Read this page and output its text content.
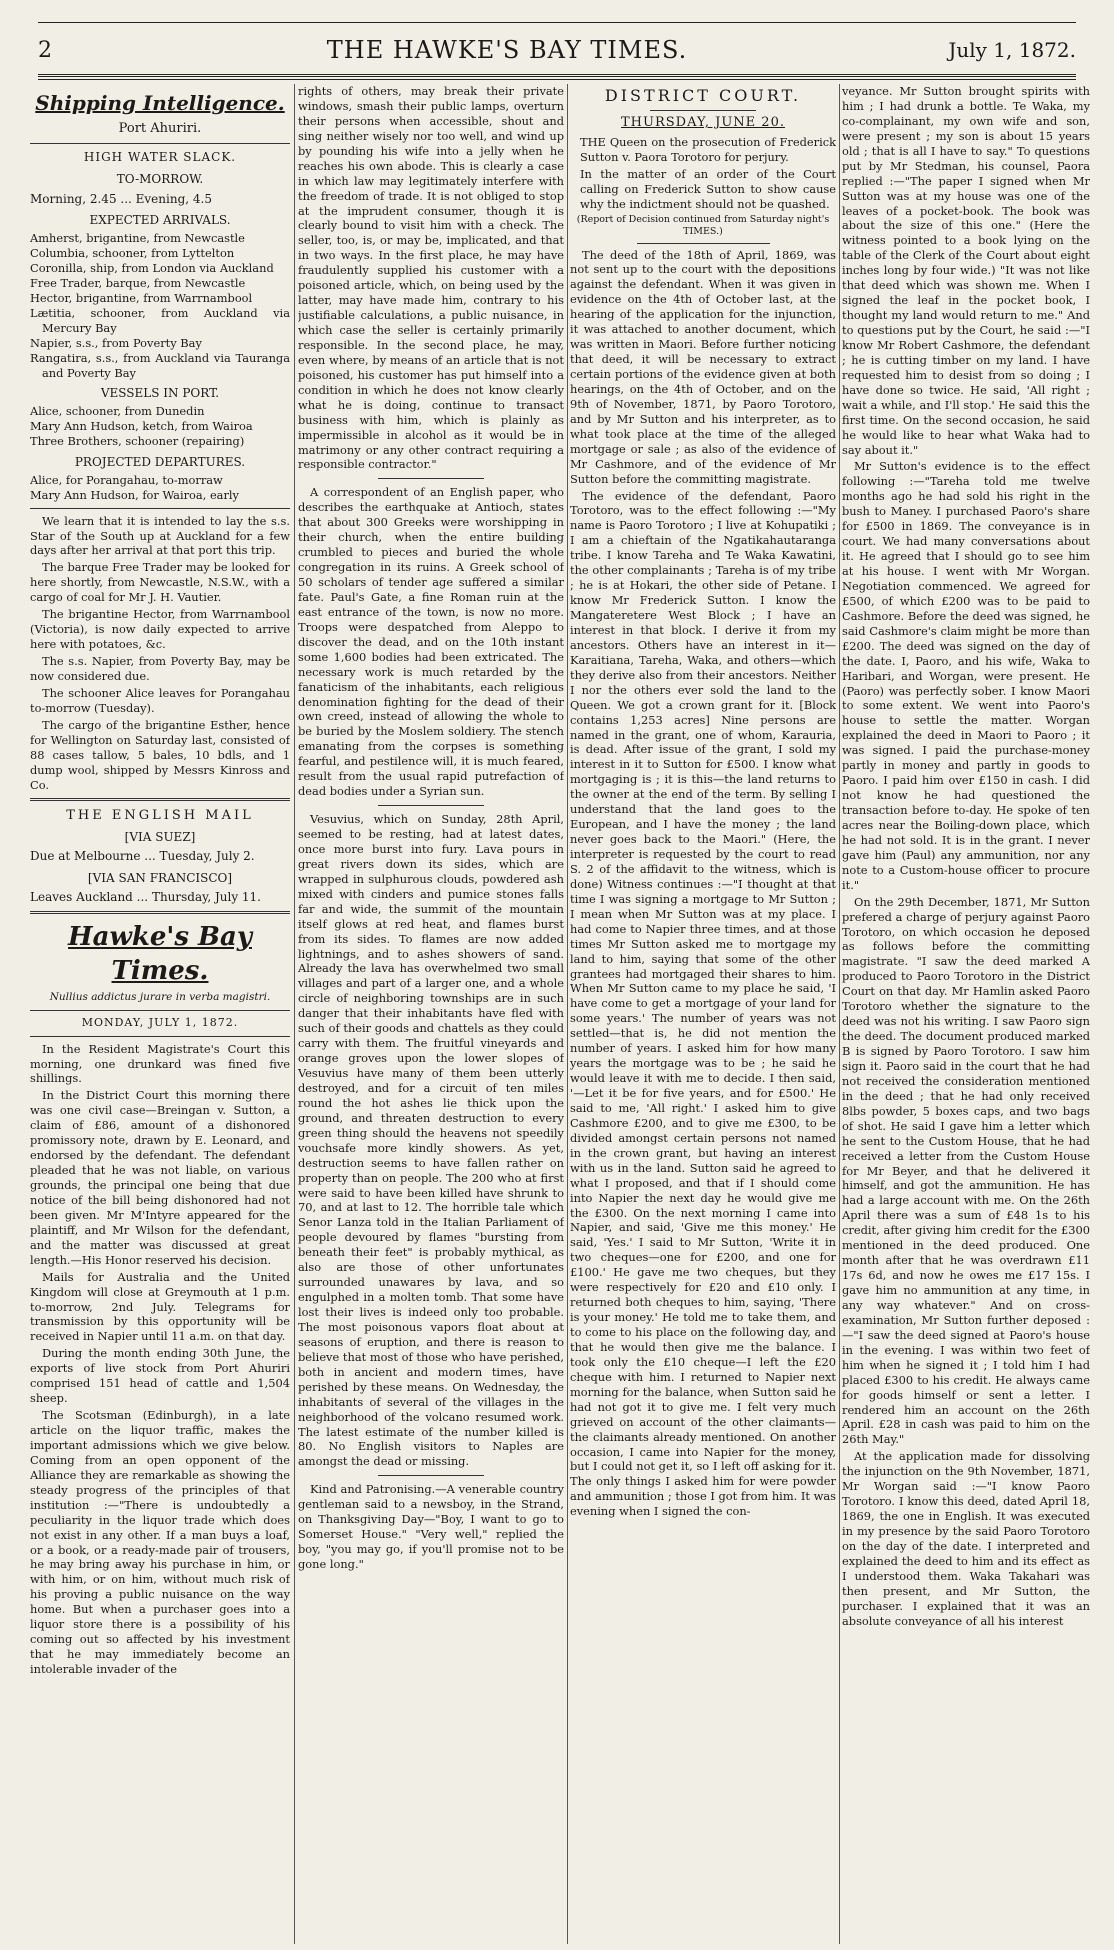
2	THE HAWKE'S BAY TIMES.	July 1, 1872.
Shipping Intelligence.
Port Ahuriri.
HIGH WATER SLACK.
TO-MORROW.
Morning, 2.45 ... Evening, 4.5
EXPECTED ARRIVALS.
Amherst, brigantine, from Newcastle
Columbia, schooner, from Lyttelton
Coronilla, ship, from London via Auckland
Free Trader, barque, from Newcastle
Hector, brigantine, from Warrnambool
Lætitia, schooner, from Auckland via Mercury Bay
Napier, s.s., from Poverty Bay
Rangatira, s.s., from Auckland via Tauranga and Poverty Bay
VESSELS IN PORT.
Alice, schooner, from Dunedin
Mary Ann Hudson, ketch, from Wairoa
Three Brothers, schooner (repairing)
PROJECTED DEPARTURES.
Alice, for Porangahau, to-morraw
Mary Ann Hudson, for Wairoa, early

We learn that it is intended to lay the s.s. Star of the South up at Auckland for a few days after her arrival at that port this trip.

The barque Free Trader may be looked for here shortly, from Newcastle, N.S.W., with a cargo of coal for Mr J. H. Vautier.

The brigantine Hector, from Warrnambool (Victoria), is now daily expected to arrive here with potatoes, &c.

The s.s. Napier, from Poverty Bay, may be now considered due.

The schooner Alice leaves for Porangahau to-morrow (Tuesday).

The cargo of the brigantine Esther, hence for Wellington on Saturday last, consisted of 88 cases tallow, 5 bales, 10 bdls, and 1 dump wool, shipped by Messrs Kinross and Co.

THE ENGLISH MAIL
[VIA SUEZ]
Due at Melbourne ... Tuesday, July 2.
[VIA SAN FRANCISCO]
Leaves Auckland ... Thursday, July 11.
Hawke's Bay Times.
Nullius addictus jurare in verba magistri.
MONDAY, JULY 1, 1872.

In the Resident Magistrate's Court this morning, one drunkard was fined five shillings.

In the District Court this morning there was one civil case—Breingan v. Sutton, a claim of £86, amount of a dishonored promissory note, drawn by E. Leonard, and endorsed by the defendant. The defendant pleaded that he was not liable, on various grounds, the principal one being that due notice of the bill being dishonored had not been given. Mr M'Intyre appeared for the plaintiff, and Mr Wilson for the defendant, and the matter was discussed at great length.—His Honor reserved his decision.

Mails for Australia and the United Kingdom will close at Greymouth at 1 p.m. to-morrow, 2nd July. Telegrams for transmission by this opportunity will be received in Napier until 11 a.m. on that day.

During the month ending 30th June, the exports of live stock from Port Ahuriri comprised 151 head of cattle and 1,504 sheep.

The Scotsman (Edinburgh), in a late article on the liquor traffic, makes the important admissions which we give below. Coming from an open opponent of the Alliance they are remarkable as showing the steady progress of the principles of that institution :—"There is undoubtedly a peculiarity in the liquor trade which does not exist in any other. If a man buys a loaf, or a book, or a ready-made pair of trousers, he may bring away his purchase in him, or with him, or on him, without much risk of his proving a public nuisance on the way home. But when a purchaser goes into a liquor store there is a possibility of his coming out so affected by his investment that he may immediately become an intolerable invader of the

rights of others, may break their private windows, smash their public lamps, overturn their persons when accessible, shout and sing neither wisely nor too well, and wind up by pounding his wife into a jelly when he reaches his own abode. This is clearly a case in which law may legitimately interfere with the freedom of trade. It is not obliged to stop at the imprudent consumer, though it is clearly bound to visit him with a check. The seller, too, is, or may be, implicated, and that in two ways. In the first place, he may have fraudulently supplied his customer with a poisoned article, which, on being used by the latter, may have made him, contrary to his justifiable calculations, a public nuisance, in which case the seller is certainly primarily responsible. In the second place, he may, even where, by means of an article that is not poisoned, his customer has put himself into a condition in which he does not know clearly what he is doing, continue to transact business with him, which is plainly as impermissible in alcohol as it would be in matrimony or any other contract requiring a responsible contractor."

A correspondent of an English paper, who describes the earthquake at Antioch, states that about 300 Greeks were worshipping in their church, when the entire building crumbled to pieces and buried the whole congregation in its ruins. A Greek school of 50 scholars of tender age suffered a similar fate. Paul's Gate, a fine Roman ruin at the east entrance of the town, is now no more. Troops were despatched from Aleppo to discover the dead, and on the 10th instant some 1,600 bodies had been extricated. The necessary work is much retarded by the fanaticism of the inhabitants, each religious denomination fighting for the dead of their own creed, instead of allowing the whole to be buried by the Moslem soldiery. The stench emanating from the corpses is something fearful, and pestilence will, it is much feared, result from the usual rapid putrefaction of dead bodies under a Syrian sun.

Vesuvius, which on Sunday, 28th April, seemed to be resting, had at latest dates, once more burst into fury. Lava pours in great rivers down its sides, which are wrapped in sulphurous clouds, powdered ash mixed with cinders and pumice stones falls far and wide, the summit of the mountain itself glows at red heat, and flames burst from its sides. To flames are now added lightnings, and to ashes showers of sand. Already the lava has overwhelmed two small villages and part of a larger one, and a whole circle of neighboring townships are in such danger that their inhabitants have fled with such of their goods and chattels as they could carry with them. The fruitful vineyards and orange groves upon the lower slopes of Vesuvius have many of them been utterly destroyed, and for a circuit of ten miles round the hot ashes lie thick upon the ground, and threaten destruction to every green thing should the heavens not speedily vouchsafe more kindly showers. As yet, destruction seems to have fallen rather on property than on people. The 200 who at first were said to have been killed have shrunk to 70, and at last to 12. The horrible tale which Senor Lanza told in the Italian Parliament of people devoured by flames "bursting from beneath their feet" is probably mythical, as also are those of other unfortunates surrounded unawares by lava, and so engulphed in a molten tomb. That some have lost their lives is indeed only too probable. The most poisonous vapors float about at seasons of eruption, and there is reason to believe that most of those who have perished, both in ancient and modern times, have perished by these means. On Wednesday, the inhabitants of several of the villages in the neighborhood of the volcano resumed work. The latest estimate of the number killed is 80. No English visitors to Naples are amongst the dead or missing.

Kind and Patronising.—A venerable country gentleman said to a newsboy, in the Strand, on Thanksgiving Day—"Boy, I want to go to Somerset House." "Very well," replied the boy, "you may go, if you'll promise not to be gone long."

DISTRICT COURT.
THURSDAY, JUNE 20.

THE Queen on the prosecution of Frederick Sutton v. Paora Torotoro for perjury.

In the matter of an order of the Court calling on Frederick Sutton to show cause why the indictment should not be quashed.

(Report of Decision continued from Saturday night's TIMES.)

The deed of the 18th of April, 1869, was not sent up to the court with the depositions against the defendant. When it was given in evidence on the 4th of October last, at the hearing of the application for the injunction, it was attached to another document, which was written in Maori. Before further noticing that deed, it will be necessary to extract certain portions of the evidence given at both hearings, on the 4th of October, and on the 9th of November, 1871, by Paoro Torotoro, and by Mr Sutton and his interpreter, as to what took place at the time of the alleged mortgage or sale ; as also of the evidence of Mr Cashmore, and of the evidence of Mr Sutton before the committing magistrate.

The evidence of the defendant, Paoro Torotoro, was to the effect following :—"My name is Paoro Torotoro ; I live at Kohupatiki ; I am a chieftain of the Ngatikahautaranga tribe. I know Tareha and Te Waka Kawatini, the other complainants ; Tareha is of my tribe ; he is at Hokari, the other side of Petane. I know Mr Frederick Sutton. I know the Mangateretere West Block ; I have an interest in that block. I derive it from my ancestors. Others have an interest in it—Karaitiana, Tareha, Waka, and others—which they derive also from their ancestors. Neither I nor the others ever sold the land to the Queen. We got a crown grant for it. [Block contains 1,253 acres] Nine persons are named in the grant, one of whom, Karauria, is dead. After issue of the grant, I sold my interest in it to Sutton for £500. I know what mortgaging is ; it is this—the land returns to the owner at the end of the term. By selling I understand that the land goes to the European, and I have the money ; the land never goes back to the Maori." (Here, the interpreter is requested by the court to read S. 2 of the affidavit to the witness, which is done) Witness continues :—"I thought at that time I was signing a mortgage to Mr Sutton ; I mean when Mr Sutton was at my place. I had come to Napier three times, and at those times Mr Sutton asked me to mortgage my land to him, saying that some of the other grantees had mortgaged their shares to him. When Mr Sutton came to my place he said, 'I have come to get a mortgage of your land for some years.' The number of years was not settled—that is, he did not mention the number of years. I asked him for how many years the mortgage was to be ; he said he would leave it with me to decide. I then said, '—Let it be for five years, and for £500.' He said to me, 'All right.' I asked him to give Cashmore £200, and to give me £300, to be divided amongst certain persons not named in the crown grant, but having an interest with us in the land. Sutton said he agreed to what I proposed, and that if I should come into Napier the next day he would give me the £300. On the next morning I came into Napier, and said, 'Give me this money.' He said, 'Yes.' I said to Mr Sutton, 'Write it in two cheques—one for £200, and one for £100.' He gave me two cheques, but they were respectively for £20 and £10 only. I returned both cheques to him, saying, 'There is your money.' He told me to take them, and to come to his place on the following day, and that he would then give me the balance. I took only the £10 cheque—I left the £20 cheque with him. I returned to Napier next morning for the balance, when Sutton said he had not got it to give me. I felt very much grieved on account of the other claimants—the claimants already mentioned. On another occasion, I came into Napier for the money, but I could not get it, so I left off asking for it. The only things I asked him for were powder and ammunition ; those I got from him. It was evening when I signed the con-

veyance. Mr Sutton brought spirits with him ; I had drunk a bottle. Te Waka, my co-complainant, my own wife and son, were present ; my son is about 15 years old ; that is all I have to say." To questions put by Mr Stedman, his counsel, Paora replied :—"The paper I signed when Mr Sutton was at my house was one of the leaves of a pocket-book. The book was about the size of this one." (Here the witness pointed to a book lying on the table of the Clerk of the Court about eight inches long by four wide.) "It was not like that deed which was shown me. When I signed the leaf in the pocket book, I thought my land would return to me." And to questions put by the Court, he said :—"I know Mr Robert Cashmore, the defendant ; he is cutting timber on my land. I have requested him to desist from so doing ; I have done so twice. He said, 'All right ; wait a while, and I'll stop.' He said this the first time. On the second occasion, he said he would like to hear what Waka had to say about it."

Mr Sutton's evidence is to the effect following :—"Tareha told me twelve months ago he had sold his right in the bush to Maney. I purchased Paoro's share for £500 in 1869. The conveyance is in court. We had many conversations about it. He agreed that I should go to see him at his house. I went with Mr Worgan. Negotiation commenced. We agreed for £500, of which £200 was to be paid to Cashmore. Before the deed was signed, he said Cashmore's claim might be more than £200. The deed was signed on the day of the date. I, Paoro, and his wife, Waka to Haribari, and Worgan, were present. He (Paoro) was perfectly sober. I know Maori to some extent. We went into Paoro's house to settle the matter. Worgan explained the deed in Maori to Paoro ; it was signed. I paid the purchase-money partly in money and partly in goods to Paoro. I paid him over £150 in cash. I did not know he had questioned the transaction before to-day. He spoke of ten acres near the Boiling-down place, which he had not sold. It is in the grant. I never gave him (Paul) any ammunition, nor any note to a Custom-house officer to procure it."

On the 29th December, 1871, Mr Sutton prefered a charge of perjury against Paoro Torotoro, on which occasion he deposed as follows before the committing magistrate. "I saw the deed marked A produced to Paoro Torotoro in the District Court on that day. Mr Hamlin asked Paoro Torotoro whether the signature to the deed was not his writing. I saw Paoro sign the deed. The document produced marked B is signed by Paoro Torotoro. I saw him sign it. Paoro said in the court that he had not received the consideration mentioned in the deed ; that he had only received 8lbs powder, 5 boxes caps, and two bags of shot. He said I gave him a letter which he sent to the Custom House, that he had received a letter from the Custom House for Mr Beyer, and that he delivered it himself, and got the ammunition. He has had a large account with me. On the 26th April there was a sum of £48 1s to his credit, after giving him credit for the £300 mentioned in the deed produced. One month after that he was overdrawn £11 17s 6d, and now he owes me £17 15s. I gave him no ammunition at any time, in any way whatever." And on cross-examination, Mr Sutton further deposed :—"I saw the deed signed at Paoro's house in the evening. I was within two feet of him when he signed it ; I told him I had placed £300 to his credit. He always came for goods himself or sent a letter. I rendered him an account on the 26th April. £28 in cash was paid to him on the 26th May."

At the application made for dissolving the injunction on the 9th November, 1871, Mr Worgan said :—"I know Paoro Torotoro. I know this deed, dated April 18, 1869, the one in English. It was executed in my presence by the said Paoro Torotoro on the day of the date. I interpreted and explained the deed to him and its effect as I understood them. Waka Takahari was then present, and Mr Sutton, the purchaser. I explained that it was an absolute conveyance of all his interest
